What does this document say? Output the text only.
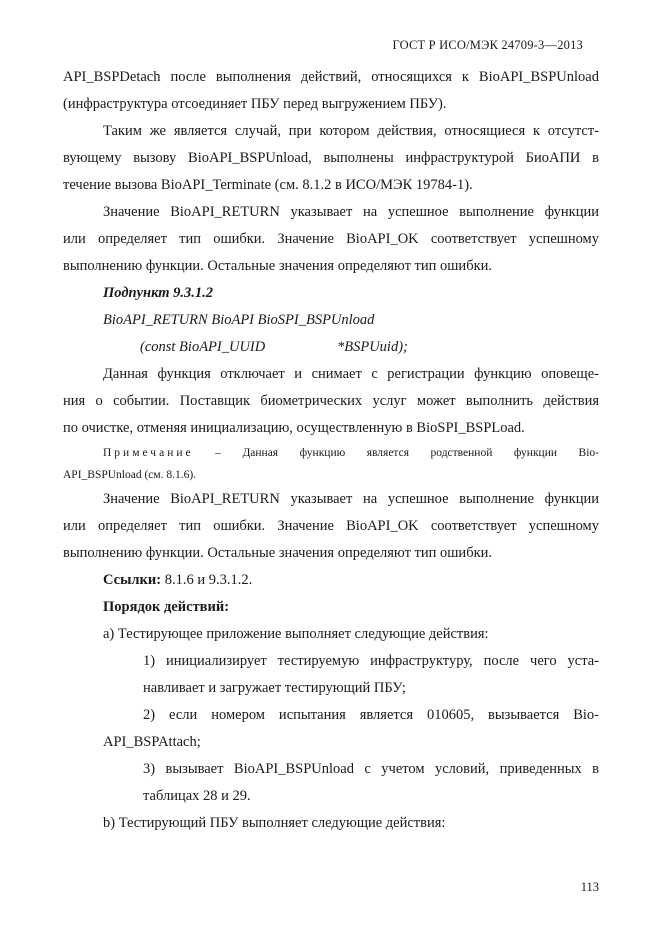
ГОСТ Р ИСО/МЭК 24709-3—2013
API_BSPDetach после выполнения действий, относящихся к BioAPI_BSPUnload
(инфраструктура отсоединяет ПБУ перед выгружением ПБУ).
Таким же является случай, при котором действия, относящиеся к отсутст-
вующему вызову BioAPI_BSPUnload, выполнены инфраструктурой БиоАПИ в
течение вызова BioAPI_Terminate (см. 8.1.2 в ИСО/МЭК 19784-1).
Значение BioAPI_RETURN указывает на успешное выполнение функции
или определяет тип ошибки. Значение BioAPI_OK соответствует успешному
выполнению функции. Остальные значения определяют тип ошибки.
Подпункт 9.3.1.2
BioAPI_RETURN BioAPI BioSPI_BSPUnload
(const BioAPI_UUID	*BSPUuid);
Данная функция отключает и снимает с регистрации функцию оповеще-
ния о событии. Поставщик биометрических услуг может выполнить действия
по очистке, отменяя инициализацию, осуществленную в BioSPI_BSPLoad.
Примечание – Данная функцию является родственной функции Bio-
API_BSPUnload (см. 8.1.6).
Значение BioAPI_RETURN указывает на успешное выполнение функции
или определяет тип ошибки. Значение BioAPI_OK соответствует успешному
выполнению функции. Остальные значения определяют тип ошибки.
Ссылки: 8.1.6 и 9.3.1.2.
Порядок действий:
a) Тестирующее приложение выполняет следующие действия:
1) инициализирует тестируемую инфраструктуру, после чего уста-
навливает и загружает тестирующий ПБУ;
2) если номером испытания является 010605, вызывается Bio-
API_BSPAttach;
3) вызывает BioAPI_BSPUnload с учетом условий, приведенных в
таблицах 28 и 29.
b) Тестирующий ПБУ выполняет следующие действия:
113
